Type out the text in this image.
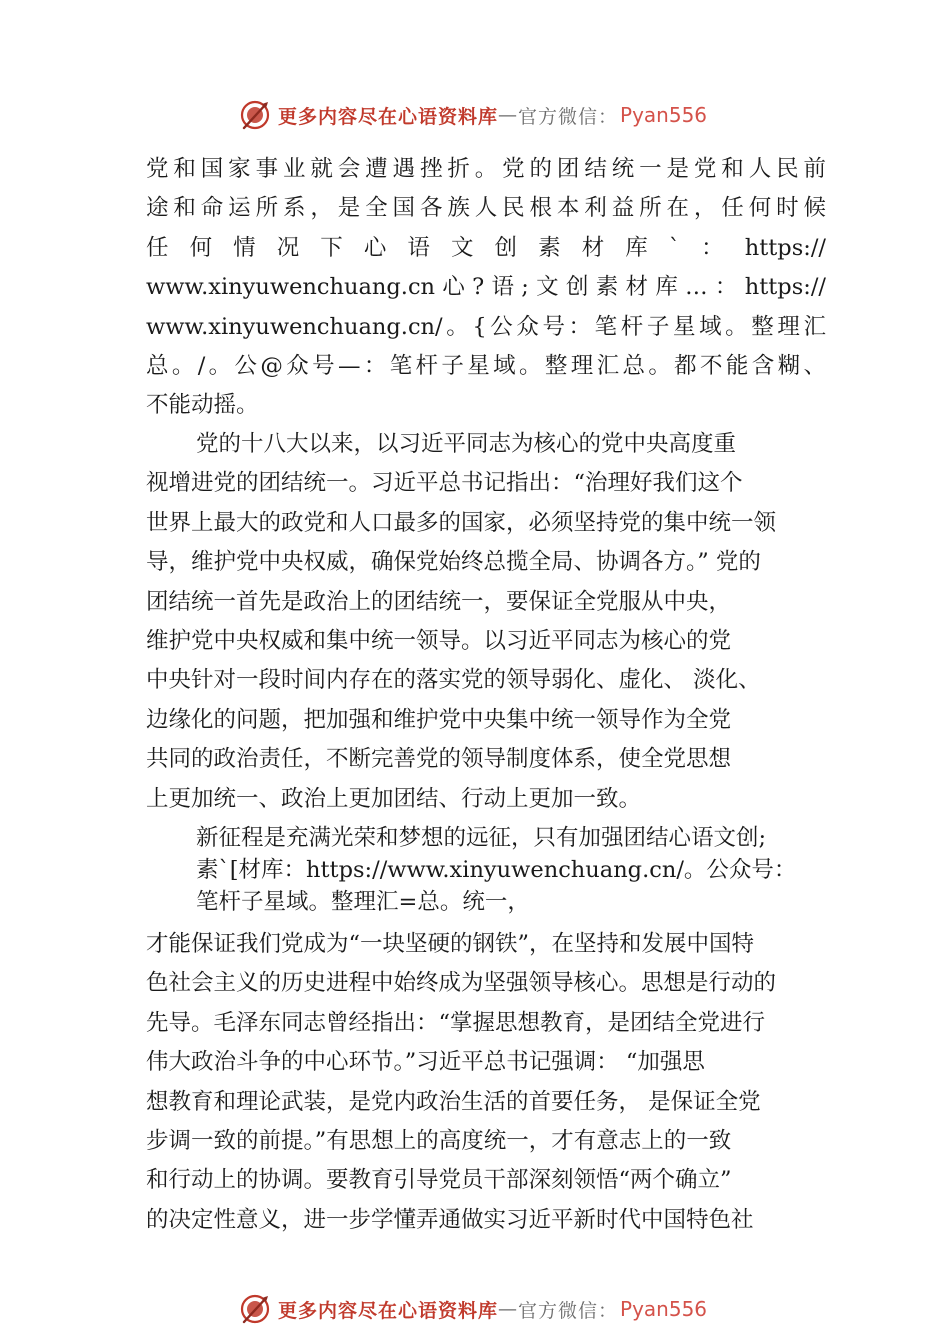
更多内容尽在心语资料库 — 官方微信： Pyan556
党和国家事业就会遭遇挫折。党的团结统一是党和人民前
途和命运所系，是全国各族人民根本利益所在，任何时候
任何情况下心语文创素材库`：https://
www.xinyuwenchuang.cn心?语;文创素材库…：https://
www.xinyuwenchuang.cn/。{公众号：笔杆子星域。整理汇
总。/。公@众号—：笔杆子星域。整理汇总。都不能含糊、
不能动摇。
党的十八大以来，以习近平同志为核心的党中央高度重
视增进党的团结统一。习近平总书记指出：“治理好我们这个
世界上最大的政党和人口最多的国家，必须坚持党的集中统一领
导，维护党中央权威，确保党始终总揽全局、协调各方。” 党的
团结统一首先是政治上的团结统一，要保证全党服从中央，
维护党中央权威和集中统一领导。以习近平同志为核心的党
中央针对一段时间内存在的落实党的领导弱化、虚化、 淡化、
边缘化的问题，把加强和维护党中央集中统一领导作为全党
共同的政治责任，不断完善党的领导制度体系，使全党思想
上更加统一、政治上更加团结、行动上更加一致。
新征程是充满光荣和梦想的远征，只有加强团结心语文创;
素`[材库：https://www.xinyuwenchuang.cn/。公众号：
笔杆子星域。整理汇=总。统一，
才能保证我们党成为“一块坚硬的钢铁”，在坚持和发展中国特
色社会主义的历史进程中始终成为坚强领导核心。思想是行动的
先导。毛泽东同志曾经指出：“掌握思想教育，是团结全党进行
伟大政治斗争的中心环节。”习近平总书记强调： “加强思
想教育和理论武装，是党内政治生活的首要任务， 是保证全党
步调一致的前提。”有思想上的高度统一，才有意志上的一致
和行动上的协调。要教育引导党员干部深刻领悟“两个确立”
的决定性意义，进一步学懂弄通做实习近平新时代中国特色社
更多内容尽在心语资料库 — 官方微信： Pyan556
